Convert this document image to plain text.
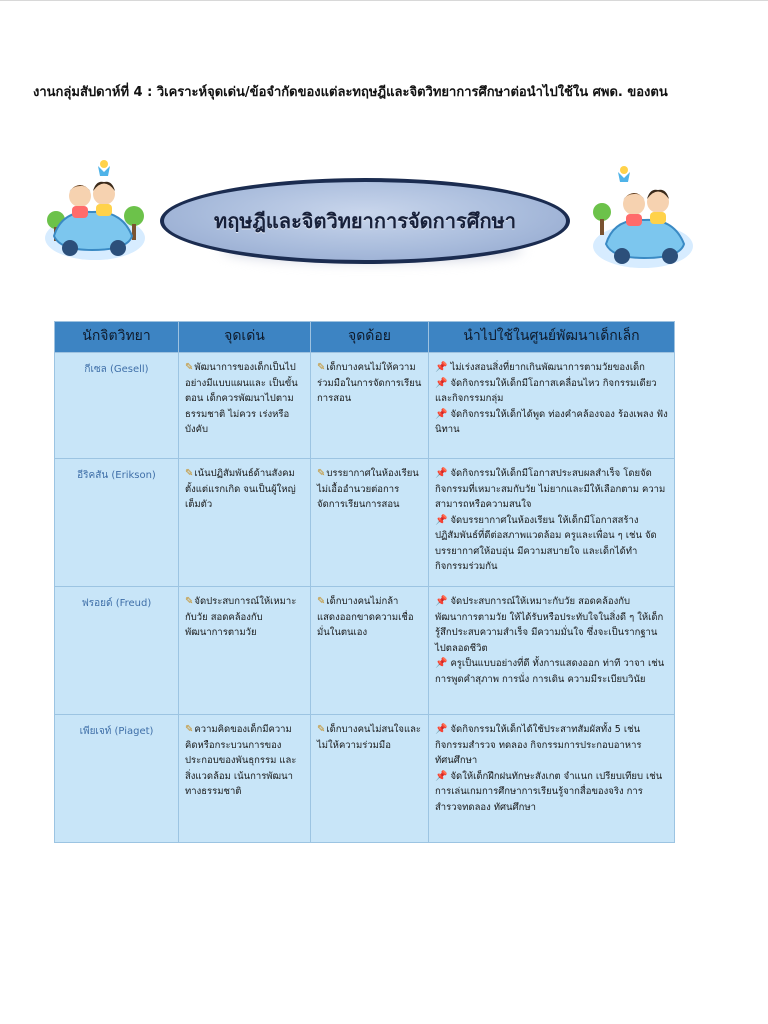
งานกลุ่มสัปดาห์ที่ 4 : วิเคราะห์จุดเด่น/ข้อจำกัดของแต่ละทฤษฎีและจิตวิทยาการศึกษาต่อนำไปใช้ใน ศพด. ของตน
ทฤษฎีและจิตวิทยาการจัดการศึกษา
นักจิตวิทยา	จุดเด่น	จุดด้อย	นำไปใช้ในศูนย์พัฒนาเด็กเล็ก
กีเซล (Gesell)	✎พัฒนาการของเด็กเป็นไปอย่างมีแบบแผนและ เป็นขั้นตอน เด็กควรพัฒนาไปตามธรรมชาติ ไม่ควร เร่งหรือ บังคับ	✎เด็กบางคนไม่ให้ความร่วมมือในการจัดการเรียนการสอน	📌 ไม่เร่งสอนสิ่งที่ยากเกินพัฒนาการตามวัยของเด็ก
📌 จัดกิจกรรมให้เด็กมีโอกาสเคลื่อนไหว กิจกรรมเดียวและกิจกรรมกลุ่ม
📌 จัดกิจกรรมให้เด็กได้พูด ท่องคำคล้องจอง ร้องเพลง ฟังนิทาน

อีริคสัน (Erikson)	✎เน้นปฏิสัมพันธ์ด้านสังคม ตั้งแต่แรกเกิด จนเป็นผู้ใหญ่เต็มตัว	✎บรรยากาศในห้องเรียนไม่เอื้ออำนวยต่อการจัดการเรียนการสอน	📌 จัดกิจกรรมให้เด็กมีโอกาสประสบผลสำเร็จ โดยจัด กิจกรรมที่เหมาะสมกับวัย ไม่ยากและมีให้เลือกตาม ความสามารถหรือความสนใจ
📌 จัดบรรยากาศในห้องเรียน ให้เด็กมีโอกาสสร้างปฏิสัมพันธ์ที่ดีต่อสภาพแวดล้อม ครูและเพื่อน ๆ เช่น จัดบรรยากาศให้อบอุ่น มีความสบายใจ และเด็กได้ทำ กิจกรรมร่วมกัน

ฟรอยด์ (Freud)	✎จัดประสบการณ์ให้เหมาะกับวัย สอดคล้องกับพัฒนาการตามวัย	✎เด็กบางคนไม่กล้าแสดงออกขาดความเชื่อมั่นในตนเอง	📌 จัดประสบการณ์ให้เหมาะกับวัย สอดคล้องกับพัฒนาการตามวัย ให้ได้รับหรือประทับใจในสิ่งดี ๆ ให้เด็กรู้สึกประสบความสำเร็จ มีความมั่นใจ ซึ่งจะเป็นรากฐานไปตลอดชีวิต
📌 ครูเป็นแบบอย่างที่ดี ทั้งการแสดงออก ท่าที วาจา เช่น การพูดคำสุภาพ การนั่ง การเดิน ความมีระเบียบวินัย

เพียเจท์ (Piaget)	✎ความคิดของเด็กมีความคิดหรือกระบวนการของประกอบของพันธุกรรม และสิ่งแวดล้อม เน้นการพัฒนาทางธรรมชาติ	✎เด็กบางคนไม่สนใจและไม่ให้ความร่วมมือ	📌 จัดกิจกรรมให้เด็กได้ใช้ประสาทสัมผัสทั้ง 5 เช่น กิจกรรมสำรวจ ทดลอง กิจกรรมการประกอบอาหาร ทัศนศึกษา
📌 จัดให้เด็กฝึกฝนทักษะสังเกต จำแนก เปรียบเทียบ เช่น การเล่นเกมการศึกษาการเรียนรู้จากสื่อของจริง การสำรวจทดลอง ทัศนศึกษา
